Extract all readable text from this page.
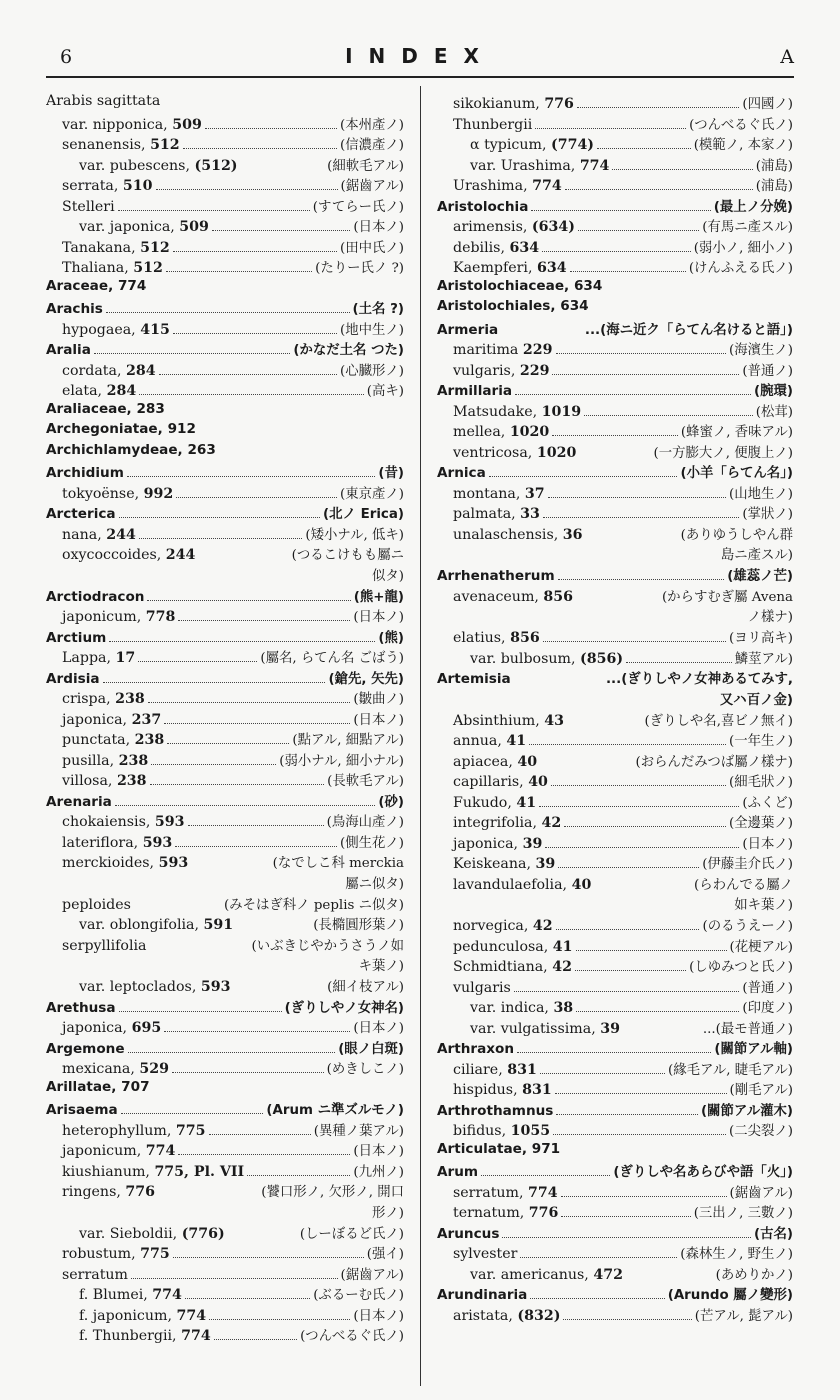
6	INDEX	A
Arabis sagittata
var. nipponica, 509	(本州產ノ)
senanensis, 512	(信濃產ノ)
var. pubescens, (512)	(細軟毛アル)
serrata, 510	(鋸齒アル)
Stelleri	(すてらー氏ノ)
var. japonica, 509	(日本ノ)
Tanakana, 512	(田中氏ノ)
Thaliana, 512	(たりー氏ノ ?)
Araceae, 774
Arachis	(土名 ?)
hypogaea, 415	(地中生ノ)
Aralia	(かなだ土名 つた)
cordata, 284	(心臓形ノ)
elata, 284	(高キ)
Araliaceae, 283
Archegoniatae, 912
Archichlamydeae, 263
Archidium	(昔)
tokyoënse, 992	(東京產ノ)
Arcterica	(北ノ Erica)
nana, 244	(矮小ナル, 低キ)
oxycoccoides, 244	(つるこけもも屬ニ
似タ)
Arctiodracon	(熊+龍)
japonicum, 778	(日本ノ)
Arctium	(熊)
Lappa, 17	(屬名, らてん名 ごばう)
Ardisia	(鎗先, 矢先)
crispa, 238	(皺曲ノ)
japonica, 237	(日本ノ)
punctata, 238	(點アル, 細點アル)
pusilla, 238	(弱小ナル, 細小ナル)
villosa, 238	(長軟毛アル)
Arenaria	(砂)
chokaiensis, 593	(鳥海山產ノ)
lateriflora, 593	(側生花ノ)
merckioides, 593	(なでしこ科 merckia
屬ニ似タ)
peploides	(みそはぎ科ノ peplis ニ似タ)
var. oblongifolia, 591	(長橢圓形葉ノ)
serpyllifolia	(いぶきじやかうさうノ如
キ葉ノ)
var. leptoclados, 593	(細イ枝アル)
Arethusa	(ぎりしやノ女神名)
japonica, 695	(日本ノ)
Argemone	(眼ノ白斑)
mexicana, 529	(めきしこノ)
Arillatae, 707
Arisaema	(Arum ニ準ズルモノ)
heterophyllum, 775	(異種ノ葉アル)
japonicum, 774	(日本ノ)
kiushianum, 775, Pl. VII	(九州ノ)
ringens, 776	(饕口形ノ, 欠形ノ, 開口
形ノ)
var. Sieboldii, (776)	(しーぼるど氏ノ)
robustum, 775	(强イ)
serratum	(鋸齒アル)
f. Blumei, 774	(ぶるーむ氏ノ)
f. japonicum, 774	(日本ノ)
f. Thunbergii, 774	(つんべるぐ氏ノ)
sikokianum, 776	(四國ノ)
Thunbergii	(つんべるぐ氏ノ)
α typicum, (774)	(模範ノ, 本家ノ)
var. Urashima, 774	(浦島)
Urashima, 774	(浦島)
Aristolochia	(最上ノ分娩)
arimensis, (634)	(有馬ニ產スル)
debilis, 634	(弱小ノ, 細小ノ)
Kaempferi, 634	(けんふえる氏ノ)
Aristolochiaceae, 634
Aristolochiales, 634
Armeria	...(海ニ近ク「らてん名けると語」)
maritima 229	(海濱生ノ)
vulgaris, 229	(普通ノ)
Armillaria	(腕環)
Matsudake, 1019	(松茸)
mellea, 1020	(蜂蜜ノ, 香味アル)
ventricosa, 1020	(一方膨大ノ, 便腹上ノ)
Arnica	(小羊「らてん名」)
montana, 37	(山地生ノ)
palmata, 33	(掌狀ノ)
unalaschensis, 36	(ありゆうしやん群
島ニ產スル)
Arrhenatherum	(雄蕊ノ芒)
avenaceum, 856	(からすむぎ屬 Avena
ノ樣ナ)
elatius, 856	(ヨリ高キ)
var. bulbosum, (856)	鱗莖アル)
Artemisia	...(ぎりしやノ女神あるてみす,
又ハ百ノ金)
Absinthium, 43	(ぎりしや名,喜ビノ無イ)
annua, 41	(一年生ノ)
apiacea, 40	(おらんだみつば屬ノ樣ナ)
capillaris, 40	(細毛狀ノ)
Fukudo, 41	(ふくど)
integrifolia, 42	(全邊葉ノ)
japonica, 39	(日本ノ)
Keiskeana, 39	(伊藤圭介氏ノ)
lavandulaefolia, 40	(らわんでる屬ノ
如キ葉ノ)
norvegica, 42	(のるうえーノ)
pedunculosa, 41	(花梗アル)
Schmidtiana, 42	(しゆみつと氏ノ)
vulgaris	(普通ノ)
var. indica, 38	(印度ノ)
var. vulgatissima, 39	...(最モ普通ノ)
Arthraxon	(關節アル軸)
ciliare, 831	(緣毛アル, 睫毛アル)
hispidus, 831	(剛毛アル)
Arthrothamnus	(關節アル灌木)
bifidus, 1055	(二尖裂ノ)
Articulatae, 971
Arum	(ぎりしや名あらびや語「火」)
serratum, 774	(鋸齒アル)
ternatum, 776	(三出ノ, 三數ノ)
Aruncus	(古名)
sylvester	(森林生ノ, 野生ノ)
var. americanus, 472	(あめりかノ)
Arundinaria	(Arundo 屬ノ變形)
aristata, (832)	(芒アル, 髭アル)
